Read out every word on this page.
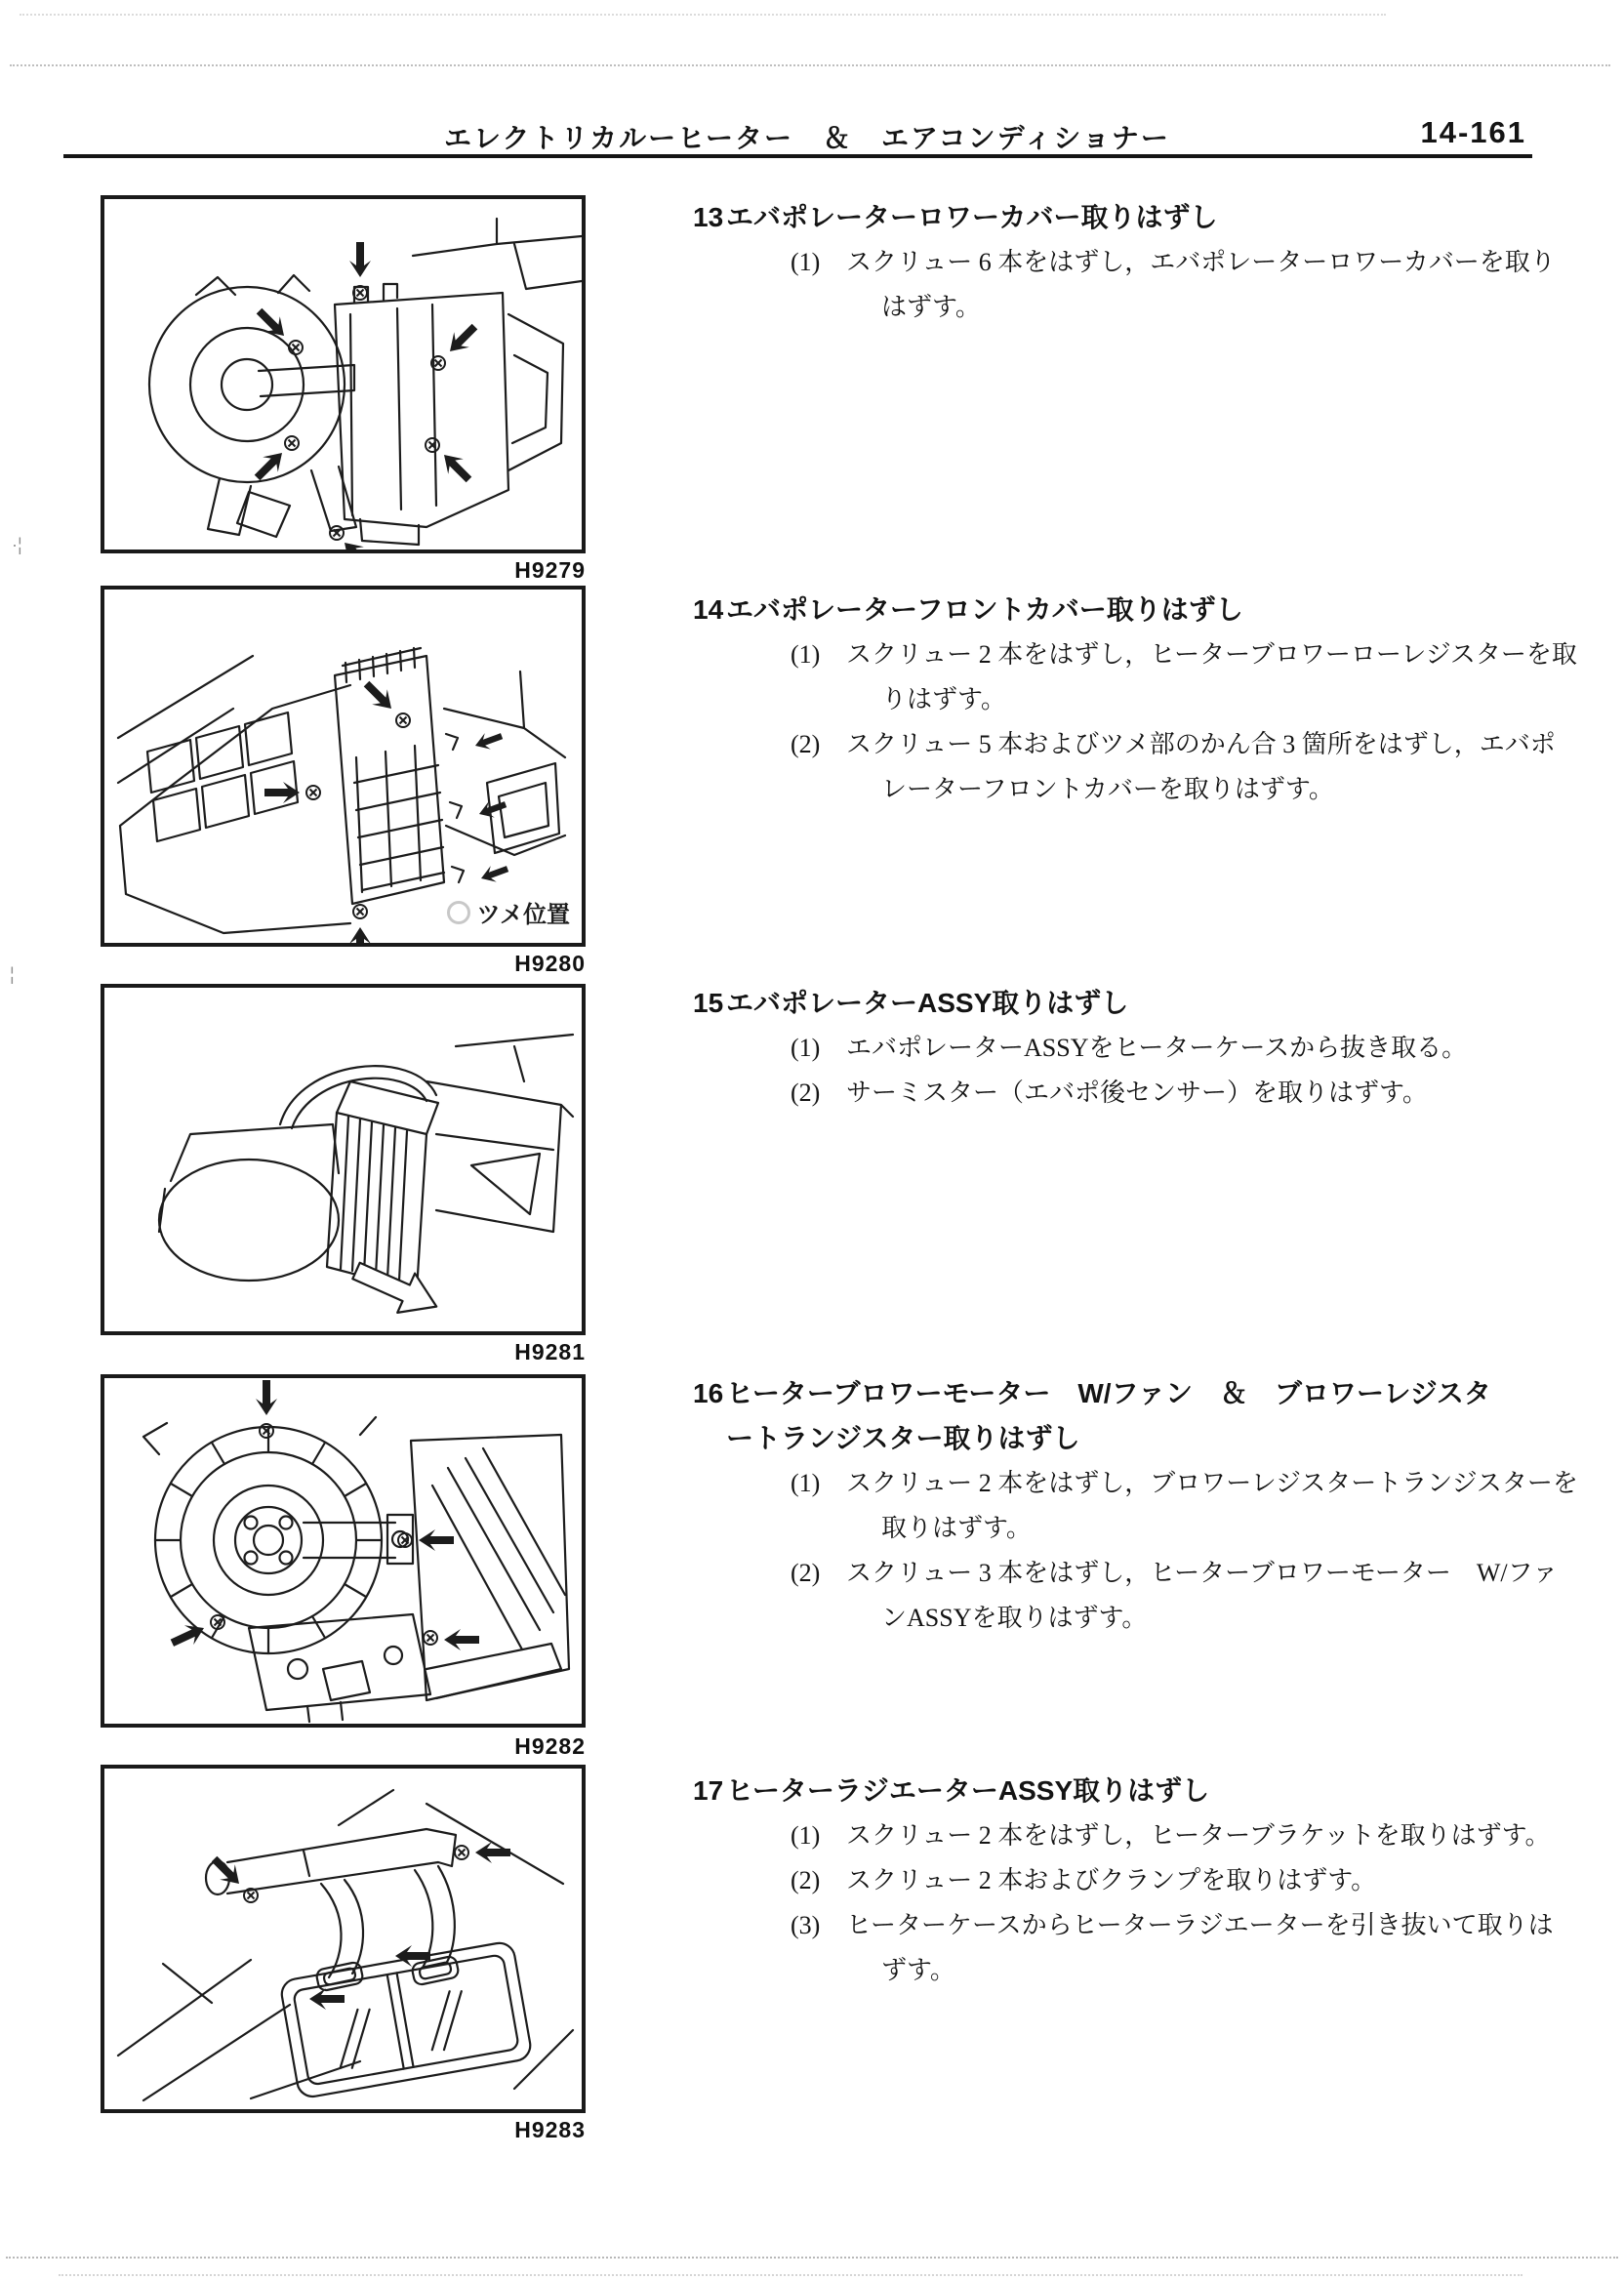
·¦
¦
エレクトリカルーヒーター　＆　エアコンディショナー	14-161
H9279
ツメ位置
H9280
H9281
H9282
H9283
13 エバポレーターロワーカバー取りはずし
(1) スクリュー 6 本をはずし，エバポレーターロワーカバーを取りはずす。
14 エバポレーターフロントカバー取りはずし
(1) スクリュー 2 本をはずし，ヒーターブロワーローレジスターを取りはずす。
(2) スクリュー 5 本およびツメ部のかん合 3 箇所をはずし，エバポレーターフロントカバーを取りはずす。
15 エバポレーターASSY取りはずし
(1) エバポレーターASSYをヒーターケースから抜き取る。
(2) サーミスター（エバポ後センサー）を取りはずす。
16 ヒーターブロワーモーター　W/ファン　＆　ブロワーレジスタートランジスター取りはずし
(1) スクリュー 2 本をはずし，ブロワーレジスタートランジスターを取りはずす。
(2) スクリュー 3 本をはずし，ヒーターブロワーモーター　W/ファンASSYを取りはずす。
17 ヒーターラジエーターASSY取りはずし
(1) スクリュー 2 本をはずし，ヒーターブラケットを取りはずす。
(2) スクリュー 2 本およびクランプを取りはずす。
(3) ヒーターケースからヒーターラジエーターを引き抜いて取りはずす。
